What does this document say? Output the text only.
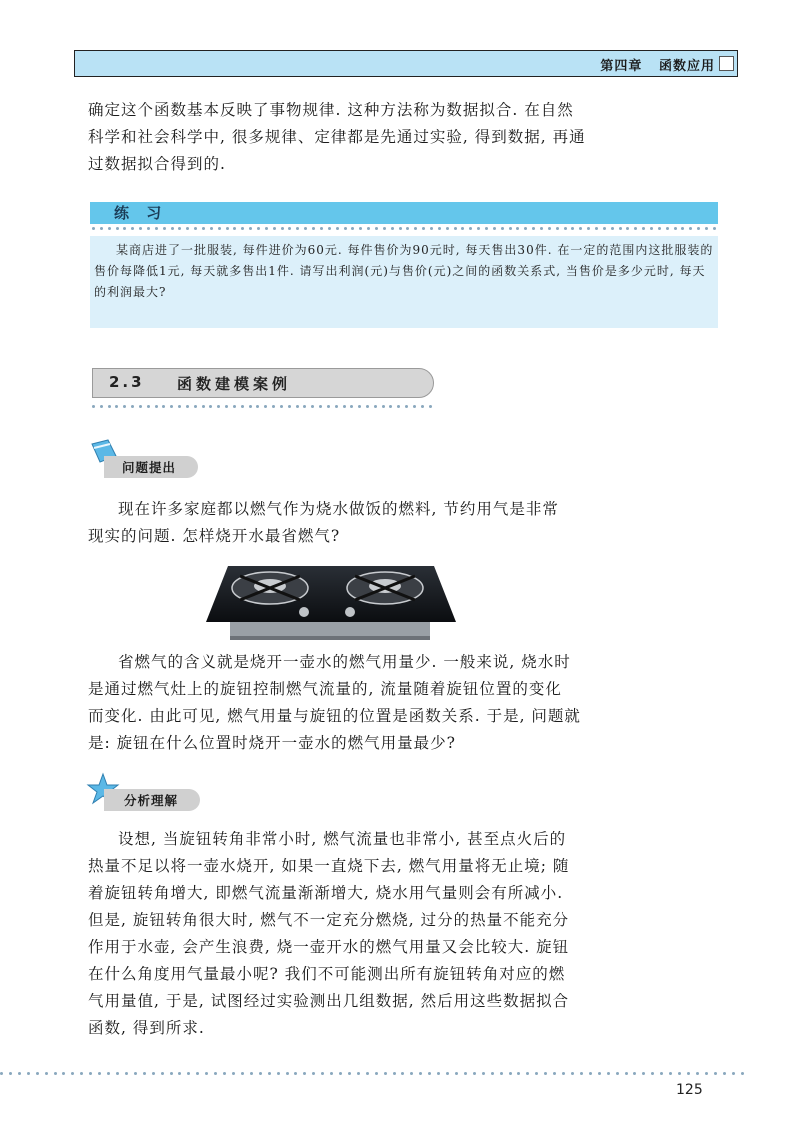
第四章 函数应用

确定这个函数基本反映了事物规律. 这种方法称为数据拟合. 在自然

科学和社会科学中, 很多规律、定律都是先通过实验, 得到数据, 再通

过数据拟合得到的.

练 习
某商店进了一批服装, 每件进价为60元. 每件售价为90元时, 每天售出30件. 在一定的范围内这批服装的售价每降低1元, 每天就多售出1件. 请写出利润(元)与售价(元)之间的函数关系式, 当售价是多少元时, 每天的利润最大?
2.3 函数建模案例
问题提出

现在许多家庭都以燃气作为烧水做饭的燃料, 节约用气是非常

现实的问题. 怎样烧开水最省燃气?

省燃气的含义就是烧开一壶水的燃气用量少. 一般来说, 烧水时

是通过燃气灶上的旋钮控制燃气流量的, 流量随着旋钮位置的变化

而变化. 由此可见, 燃气用量与旋钮的位置是函数关系. 于是, 问题就

是: 旋钮在什么位置时烧开一壶水的燃气用量最少?

分析理解

设想, 当旋钮转角非常小时, 燃气流量也非常小, 甚至点火后的

热量不足以将一壶水烧开, 如果一直烧下去, 燃气用量将无止境; 随

着旋钮转角增大, 即燃气流量渐渐增大, 烧水用气量则会有所减小.

但是, 旋钮转角很大时, 燃气不一定充分燃烧, 过分的热量不能充分

作用于水壶, 会产生浪费, 烧一壶开水的燃气用量又会比较大. 旋钮

在什么角度用气量最小呢? 我们不可能测出所有旋钮转角对应的燃

气用量值, 于是, 试图经过实验测出几组数据, 然后用这些数据拟合

函数, 得到所求.

125
